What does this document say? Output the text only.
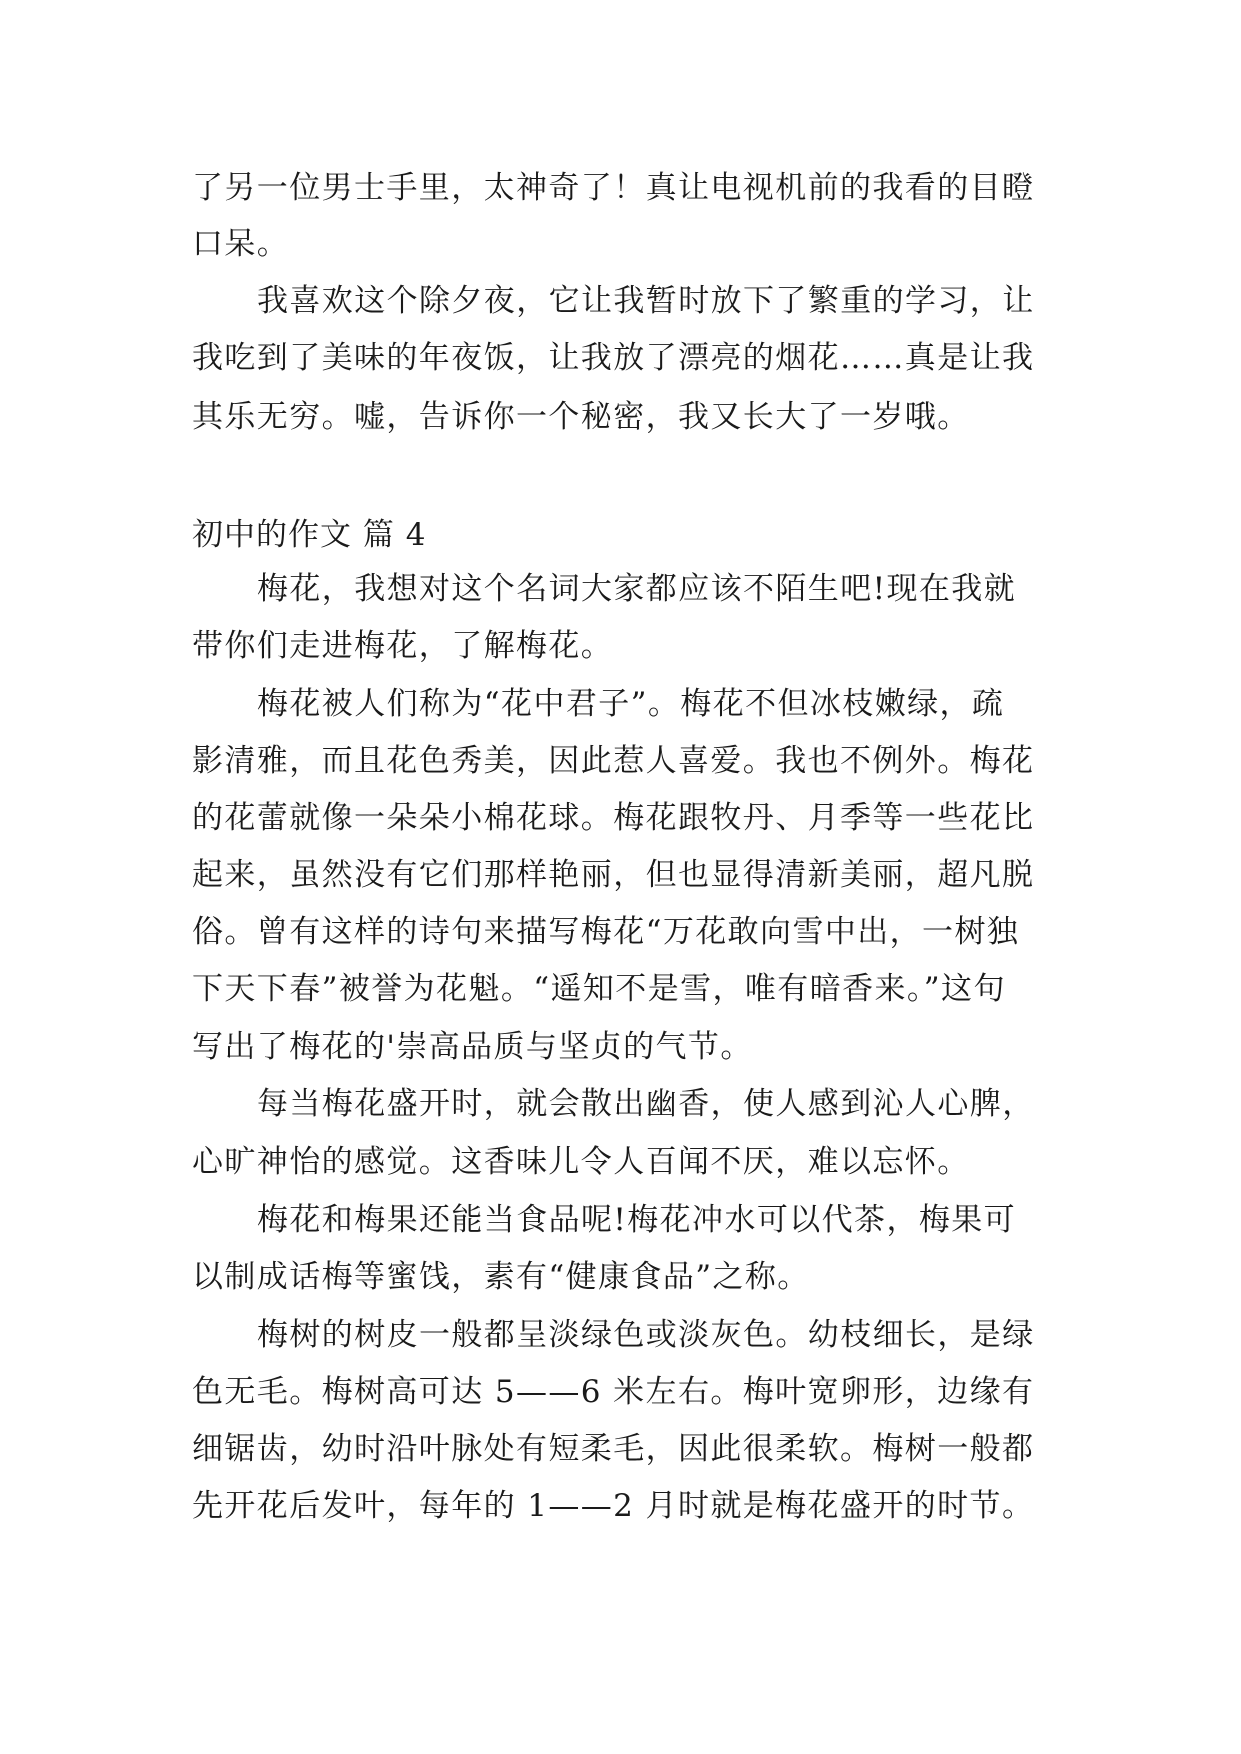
了另一位男士手里，太神奇了！真让电视机前的我看的目瞪
口呆。
我喜欢这个除夕夜，它让我暂时放下了繁重的学习，让
我吃到了美味的年夜饭，让我放了漂亮的烟花……真是让我
其乐无穷。嘘，告诉你一个秘密，我又长大了一岁哦。
初中的作文 篇 4
梅花，我想对这个名词大家都应该不陌生吧!现在我就
带你们走进梅花，了解梅花。
梅花被人们称为“花中君子”。梅花不但冰枝嫩绿，疏
影清雅，而且花色秀美，因此惹人喜爱。我也不例外。梅花
的花蕾就像一朵朵小棉花球。梅花跟牧丹、月季等一些花比
起来，虽然没有它们那样艳丽，但也显得清新美丽，超凡脱
俗。曾有这样的诗句来描写梅花“万花敢向雪中出，一树独
下天下春”被誉为花魁。“遥知不是雪，唯有暗香来。”这句
写出了梅花的'崇高品质与坚贞的气节。
每当梅花盛开时，就会散出幽香，使人感到沁人心脾，
心旷神怡的感觉。这香味儿令人百闻不厌，难以忘怀。
梅花和梅果还能当食品呢!梅花冲水可以代茶，梅果可
以制成话梅等蜜饯，素有“健康食品”之称。
梅树的树皮一般都呈淡绿色或淡灰色。幼枝细长，是绿
色无毛。梅树高可达 5——6 米左右。梅叶宽卵形，边缘有
细锯齿，幼时沿叶脉处有短柔毛，因此很柔软。梅树一般都
先开花后发叶，每年的 1——2 月时就是梅花盛开的时节。
